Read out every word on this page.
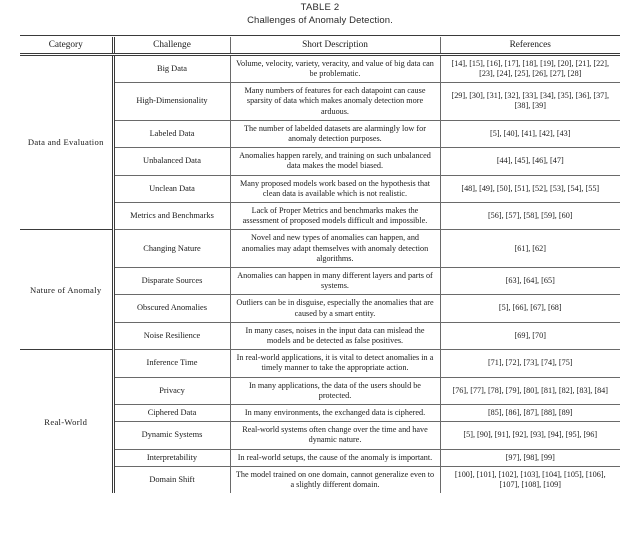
TABLE 2
Challenges of Anomaly Detection.

Category	Challenge	Short Description	References
Data and Evaluation	Big Data	Volume, velocity, variety, veracity, and value of big data can be problematic.	[14], [15], [16], [17], [18], [19], [20], [21], [22], [23], [24], [25], [26], [27], [28]
	High-Dimensionality	Many numbers of features for each datapoint can cause sparsity of data which makes anomaly detection more arduous.	[29], [30], [31], [32], [33], [34], [35], [36], [37], [38], [39]
	Labeled Data	The number of labelded datasets are alarmingly low for anomaly detection purposes.	[5], [40], [41], [42], [43]
	Unbalanced Data	Anomalies happen rarely, and training on such unbalanced data makes the model biased.	[44], [45], [46], [47]
	Unclean Data	Many proposed models work based on the hypothesis that clean data is available which is not realistic.	[48], [49], [50], [51], [52], [53], [54], [55]
	Metrics and Benchmarks	Lack of Proper Metrics and benchmarks makes the assessment of proposed models difficult and impossible.	[56], [57], [58], [59], [60]
Nature of Anomaly	Changing Nature	Novel and new types of anomalies can happen, and anomalies may adapt themselves with anomaly detection algorithms.	[61], [62]
	Disparate Sources	Anomalies can happen in many different layers and parts of systems.	[63], [64], [65]
	Obscured Anomalies	Outliers can be in disguise, especially the anomalies that are caused by a smart entity.	[5], [66], [67], [68]
	Noise Resilience	In many cases, noises in the input data can mislead the models and be detected as false positives.	[69], [70]
Real-World	Inference Time	In real-world applications, it is vital to detect anomalies in a timely manner to take the appropriate action.	[71], [72], [73], [74], [75]
	Privacy	In many applications, the data of the users should be protected.	[76], [77], [78], [79], [80], [81], [82], [83], [84]
	Ciphered Data	In many environments, the exchanged data is ciphered.	[85], [86], [87], [88], [89]
	Dynamic Systems	Real-world systems often change over the time and have dynamic nature.	[5], [90], [91], [92], [93], [94], [95], [96]
	Interpretability	In real-world setups, the cause of the anomaly is important.	[97], [98], [99]
	Domain Shift	The model trained on one domain, cannot generalize even to a slightly different domain.	[100], [101], [102], [103], [104], [105], [106], [107], [108], [109]
